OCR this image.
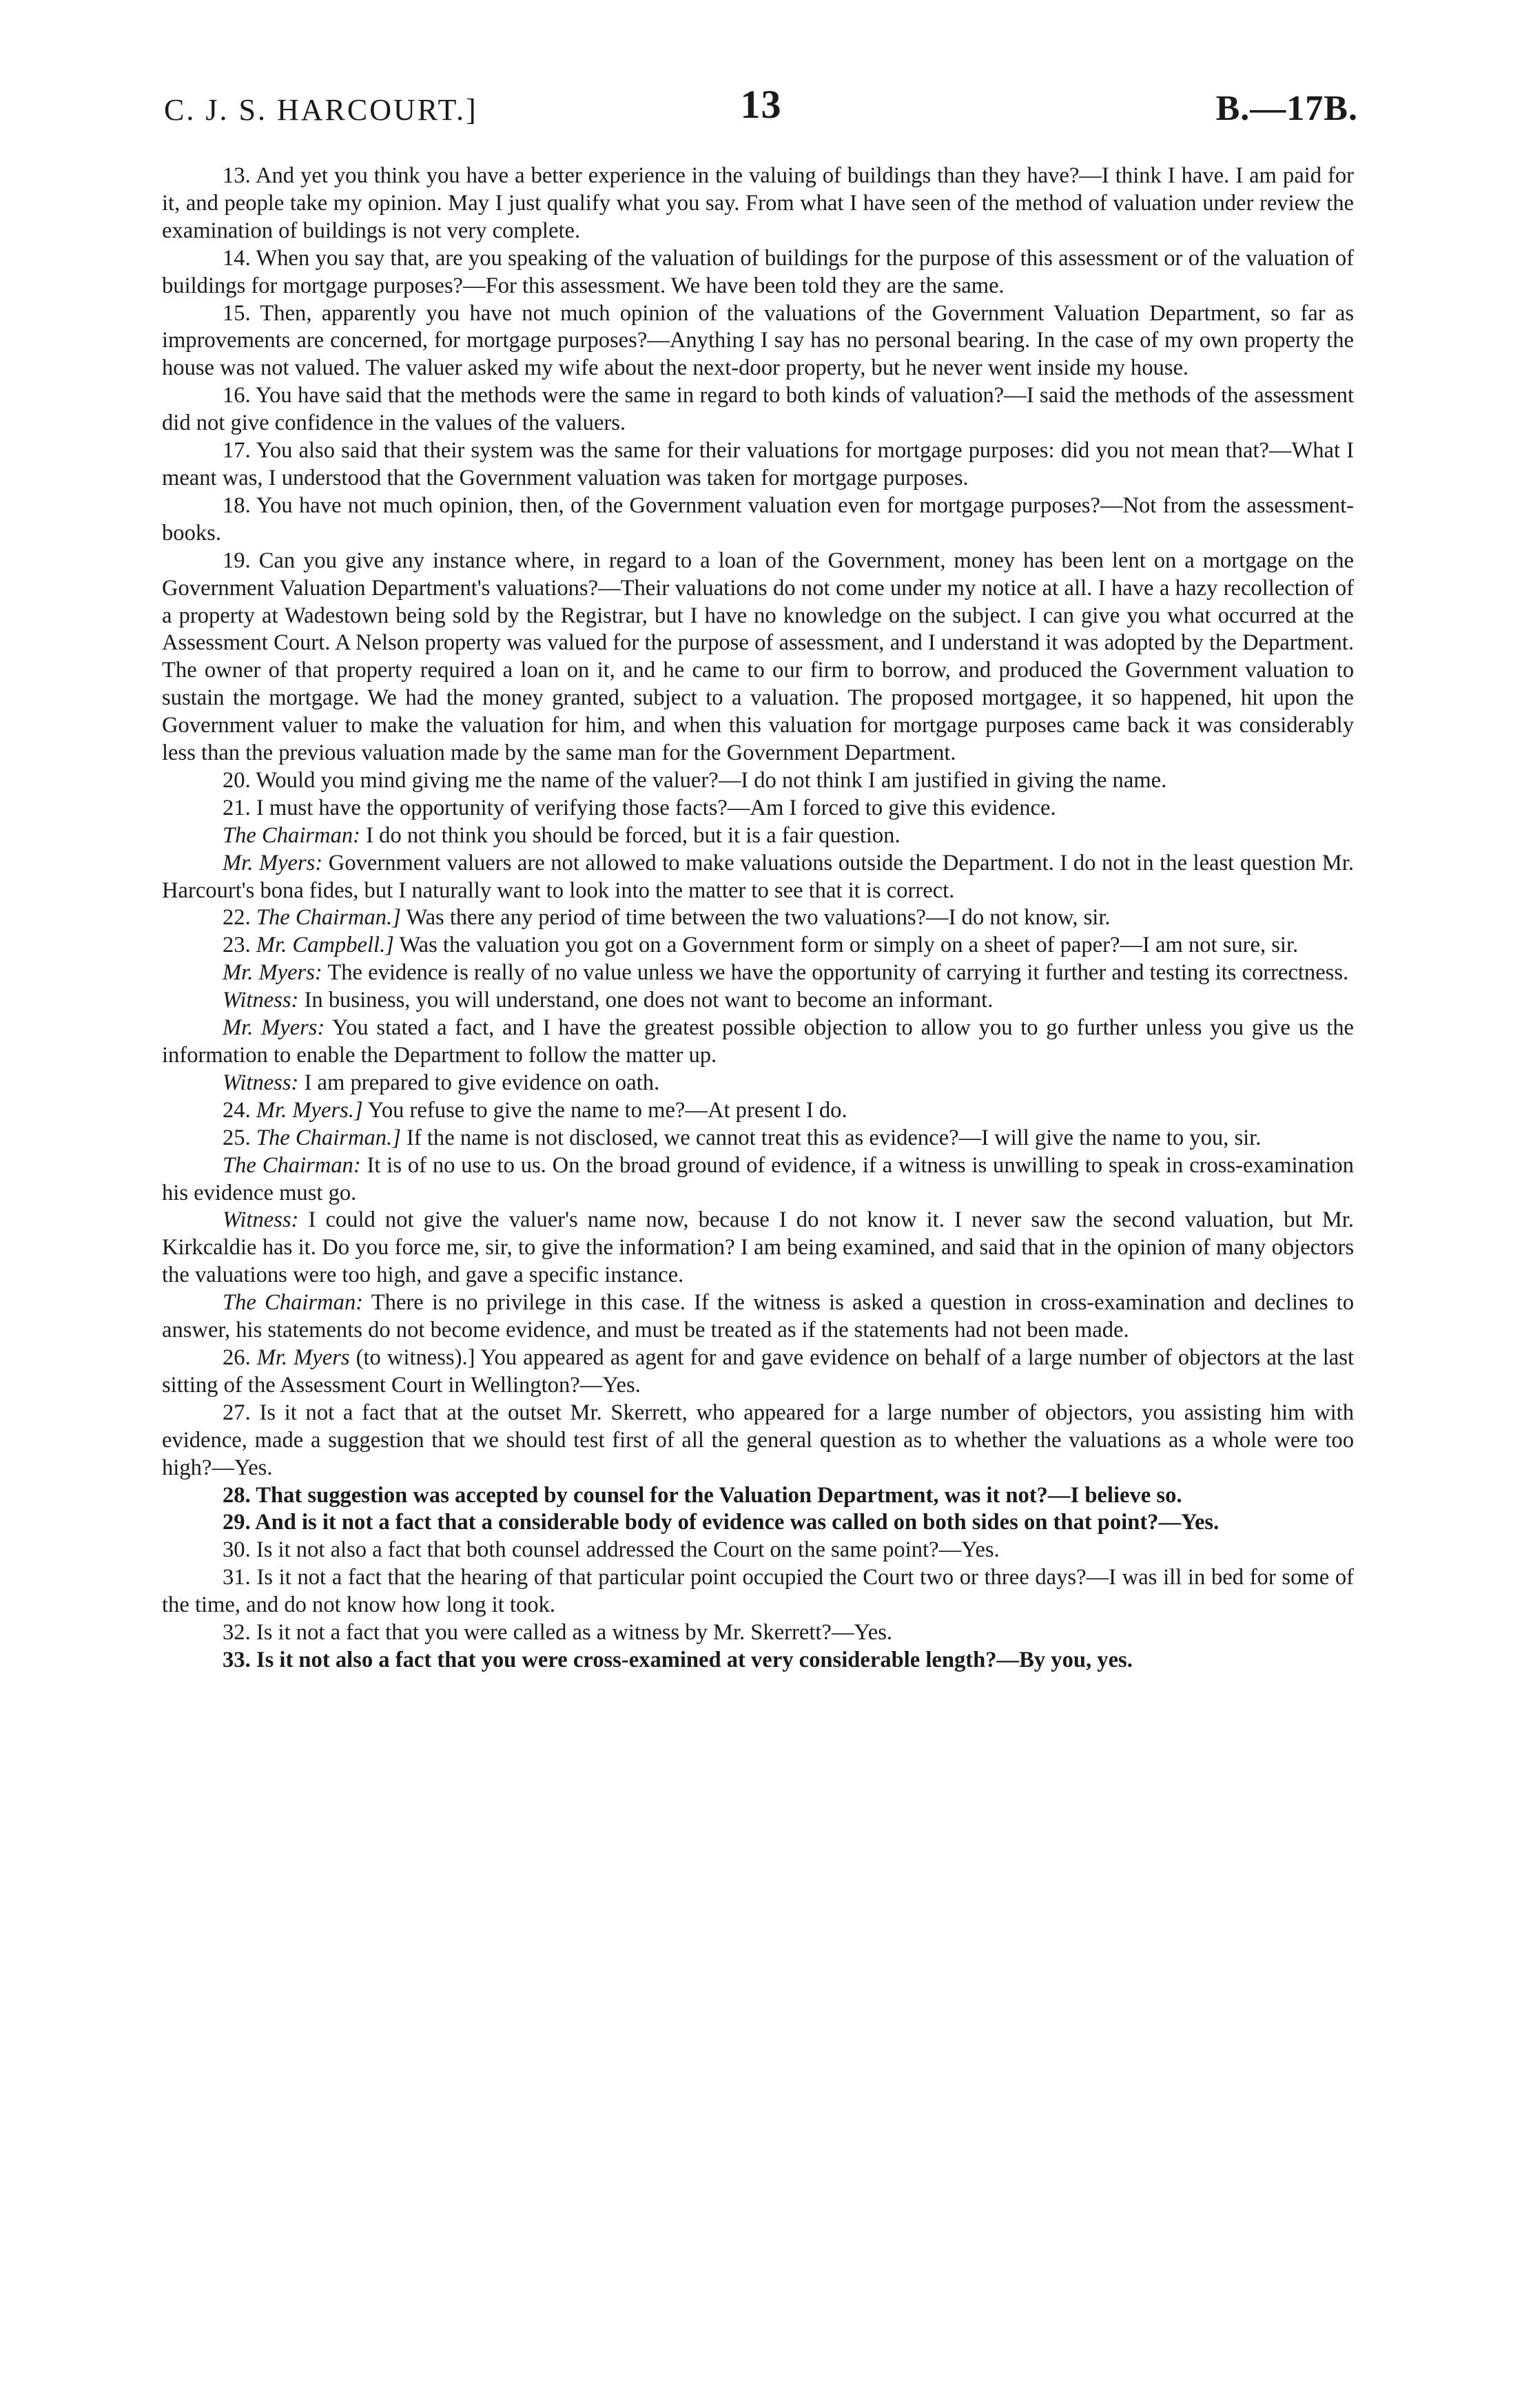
C. J. S. HARCOURT.]	13	B.—17B.

13. And yet you think you have a better experience in the valuing of buildings than they have?—I think I have. I am paid for it, and people take my opinion. May I just qualify what you say. From what I have seen of the method of valuation under review the examination of buildings is not very complete.

14. When you say that, are you speaking of the valuation of buildings for the purpose of this assessment or of the valuation of buildings for mortgage purposes?—For this assessment. We have been told they are the same.

15. Then, apparently you have not much opinion of the valuations of the Government Valuation Department, so far as improvements are concerned, for mortgage purposes?—Anything I say has no personal bearing. In the case of my own property the house was not valued. The valuer asked my wife about the next-door property, but he never went inside my house.

16. You have said that the methods were the same in regard to both kinds of valuation?—I said the methods of the assessment did not give confidence in the values of the valuers.

17. You also said that their system was the same for their valuations for mortgage purposes: did you not mean that?—What I meant was, I understood that the Government valuation was taken for mortgage purposes.

18. You have not much opinion, then, of the Government valuation even for mortgage purposes?—Not from the assessment-books.

19. Can you give any instance where, in regard to a loan of the Government, money has been lent on a mortgage on the Government Valuation Department's valuations?—Their valuations do not come under my notice at all. I have a hazy recollection of a property at Wadestown being sold by the Registrar, but I have no knowledge on the subject. I can give you what occurred at the Assessment Court. A Nelson property was valued for the purpose of assessment, and I understand it was adopted by the Department. The owner of that property required a loan on it, and he came to our firm to borrow, and produced the Government valuation to sustain the mortgage. We had the money granted, subject to a valuation. The proposed mortgagee, it so happened, hit upon the Government valuer to make the valuation for him, and when this valuation for mortgage purposes came back it was considerably less than the previous valuation made by the same man for the Government Department.

20. Would you mind giving me the name of the valuer?—I do not think I am justified in giving the name.

21. I must have the opportunity of verifying those facts?—Am I forced to give this evidence.

The Chairman: I do not think you should be forced, but it is a fair question.

Mr. Myers: Government valuers are not allowed to make valuations outside the Department. I do not in the least question Mr. Harcourt's bona fides, but I naturally want to look into the matter to see that it is correct.

22. The Chairman.] Was there any period of time between the two valuations?—I do not know, sir.

23. Mr. Campbell.] Was the valuation you got on a Government form or simply on a sheet of paper?—I am not sure, sir.

Mr. Myers: The evidence is really of no value unless we have the opportunity of carrying it further and testing its correctness.

Witness: In business, you will understand, one does not want to become an informant.

Mr. Myers: You stated a fact, and I have the greatest possible objection to allow you to go further unless you give us the information to enable the Department to follow the matter up.

Witness: I am prepared to give evidence on oath.

24. Mr. Myers.] You refuse to give the name to me?—At present I do.

25. The Chairman.] If the name is not disclosed, we cannot treat this as evidence?—I will give the name to you, sir.

The Chairman: It is of no use to us. On the broad ground of evidence, if a witness is unwilling to speak in cross-examination his evidence must go.

Witness: I could not give the valuer's name now, because I do not know it. I never saw the second valuation, but Mr. Kirkcaldie has it. Do you force me, sir, to give the information? I am being examined, and said that in the opinion of many objectors the valuations were too high, and gave a specific instance.

The Chairman: There is no privilege in this case. If the witness is asked a question in cross-examination and declines to answer, his statements do not become evidence, and must be treated as if the statements had not been made.

26. Mr. Myers (to witness).] You appeared as agent for and gave evidence on behalf of a large number of objectors at the last sitting of the Assessment Court in Wellington?—Yes.

27. Is it not a fact that at the outset Mr. Skerrett, who appeared for a large number of objectors, you assisting him with evidence, made a suggestion that we should test first of all the general question as to whether the valuations as a whole were too high?—Yes.

28. That suggestion was accepted by counsel for the Valuation Department, was it not?—I believe so.

29. And is it not a fact that a considerable body of evidence was called on both sides on that point?—Yes.

30. Is it not also a fact that both counsel addressed the Court on the same point?—Yes.

31. Is it not a fact that the hearing of that particular point occupied the Court two or three days?—I was ill in bed for some of the time, and do not know how long it took.

32. Is it not a fact that you were called as a witness by Mr. Skerrett?—Yes.

33. Is it not also a fact that you were cross-examined at very considerable length?—By you, yes.
